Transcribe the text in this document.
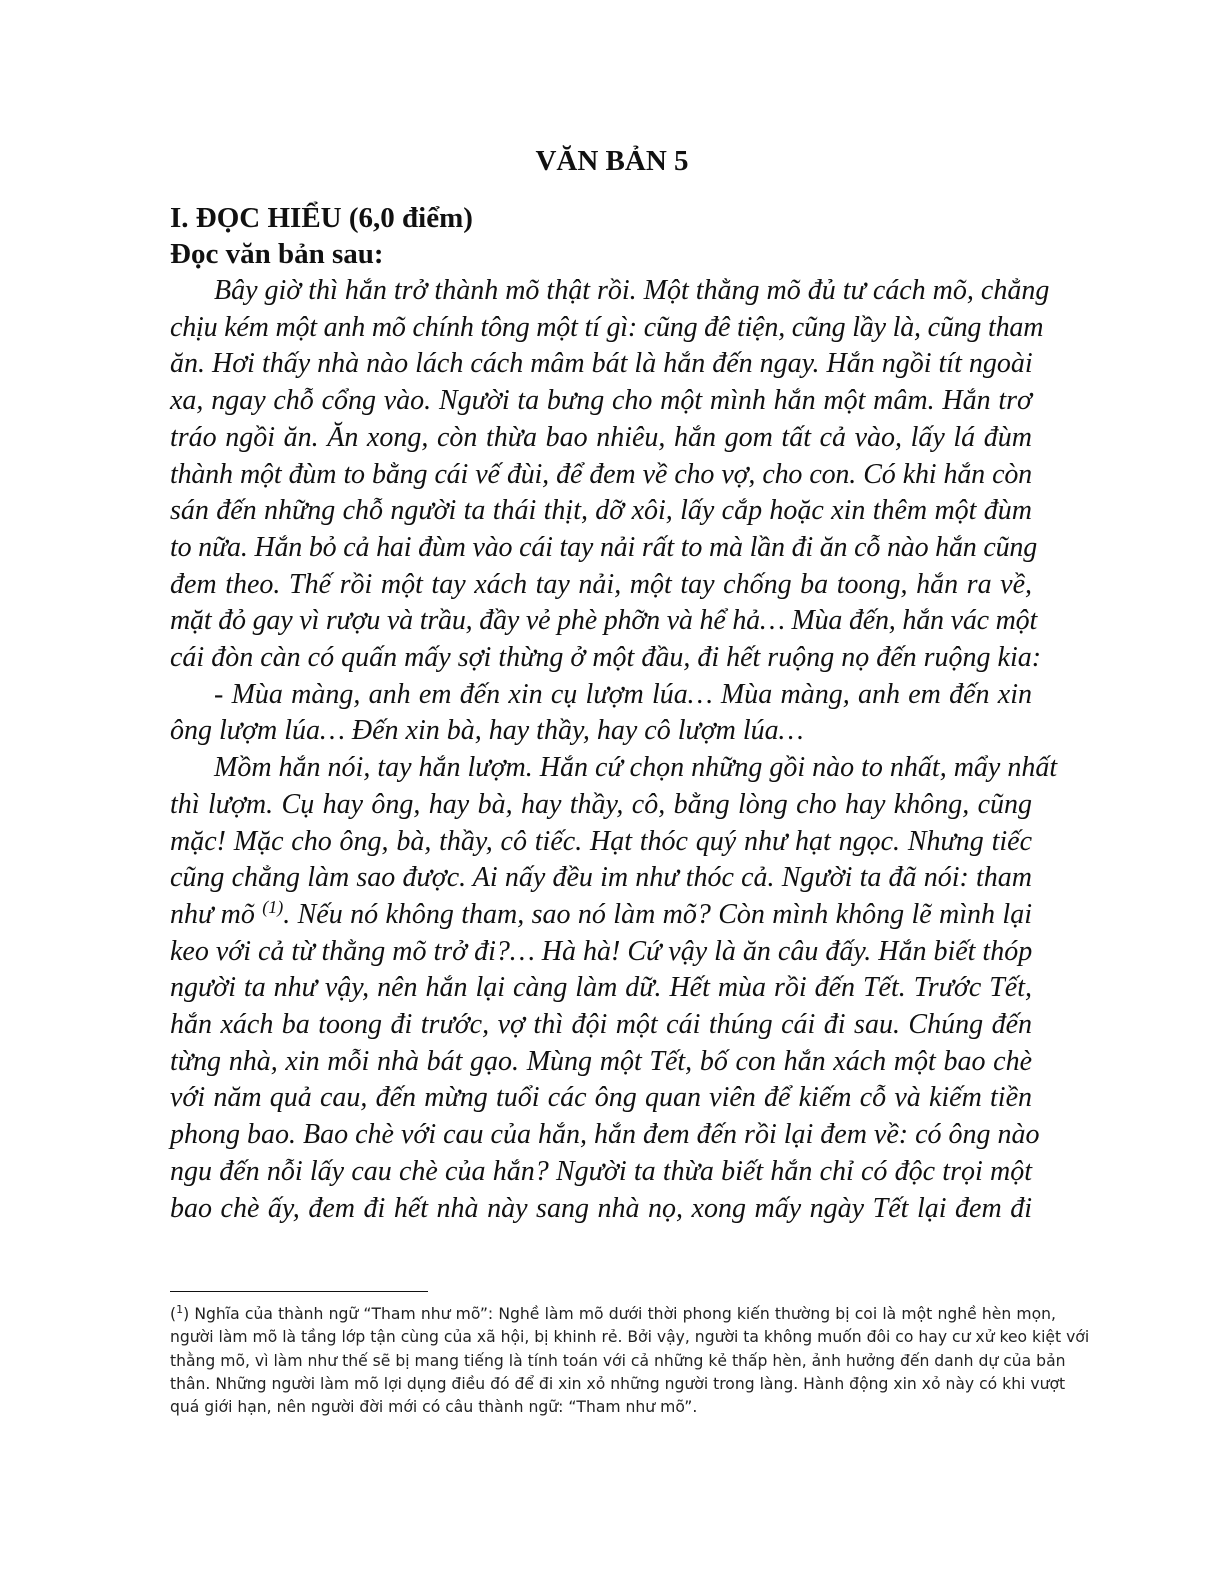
VĂN BẢN 5
I. ĐỌC HIỂU (6,0 điểm)
Đọc văn bản sau:
Bây giờ thì hắn trở thành mõ thật rồi. Một thằng mõ đủ tư cách mõ, chẳng
chịu kém một anh mõ chính tông một tí gì: cũng đê tiện, cũng lầy là, cũng tham
ăn. Hơi thấy nhà nào lách cách mâm bát là hắn đến ngay. Hắn ngồi tít ngoài
xa, ngay chỗ cổng vào. Người ta bưng cho một mình hắn một mâm. Hắn trơ
tráo ngồi ăn. Ăn xong, còn thừa bao nhiêu, hắn gom tất cả vào, lấy lá đùm
thành một đùm to bằng cái vế đùi, để đem về cho vợ, cho con. Có khi hắn còn
sán đến những chỗ người ta thái thịt, dỡ xôi, lấy cắp hoặc xin thêm một đùm
to nữa. Hắn bỏ cả hai đùm vào cái tay nải rất to mà lần đi ăn cỗ nào hắn cũng
đem theo. Thế rồi một tay xách tay nải, một tay chống ba toong, hắn ra về,
mặt đỏ gay vì rượu và trầu, đầy vẻ phè phỡn và hể hả… Mùa đến, hắn vác một
cái đòn càn có quấn mấy sợi thừng ở một đầu, đi hết ruộng nọ đến ruộng kia:
- Mùa màng, anh em đến xin cụ lượm lúa… Mùa màng, anh em đến xin
ông lượm lúa… Đến xin bà, hay thầy, hay cô lượm lúa…
Mồm hắn nói, tay hắn lượm. Hắn cứ chọn những gồi nào to nhất, mẩy nhất
thì lượm. Cụ hay ông, hay bà, hay thầy, cô, bằng lòng cho hay không, cũng
mặc! Mặc cho ông, bà, thầy, cô tiếc. Hạt thóc quý như hạt ngọc. Nhưng tiếc
cũng chẳng làm sao được. Ai nấy đều im như thóc cả. Người ta đã nói: tham
như mõ $^{(1)}$. Nếu nó không tham, sao nó làm mõ? Còn mình không lẽ mình lại
keo với cả từ thằng mõ trở đi?… Hà hà! Cứ vậy là ăn câu đấy. Hắn biết thóp
người ta như vậy, nên hắn lại càng làm dữ. Hết mùa rồi đến Tết. Trước Tết,
hắn xách ba toong đi trước, vợ thì đội một cái thúng cái đi sau. Chúng đến
từng nhà, xin mỗi nhà bát gạo. Mùng một Tết, bố con hắn xách một bao chè
với năm quả cau, đến mừng tuổi các ông quan viên để kiếm cỗ và kiếm tiền
phong bao. Bao chè với cau của hắn, hắn đem đến rồi lại đem về: có ông nào
ngu đến nỗi lấy cau chè của hắn? Người ta thừa biết hắn chỉ có độc trọi một
bao chè ấy, đem đi hết nhà này sang nhà nọ, xong mấy ngày Tết lại đem đi
($^1$) Nghĩa của thành ngữ “Tham như mõ”: Nghề làm mõ dưới thời phong kiến thường bị coi là một nghề hèn mọn,
người làm mõ là tầng lớp tận cùng của xã hội, bị khinh rẻ. Bởi vậy, người ta không muốn đôi co hay cư xử keo kiệt với
thằng mõ, vì làm như thế sẽ bị mang tiếng là tính toán với cả những kẻ thấp hèn, ảnh hưởng đến danh dự của bản
thân. Những người làm mõ lợi dụng điều đó để đi xin xỏ những người trong làng. Hành động xin xỏ này có khi vượt
quá giới hạn, nên người đời mới có câu thành ngữ: “Tham như mõ”.
